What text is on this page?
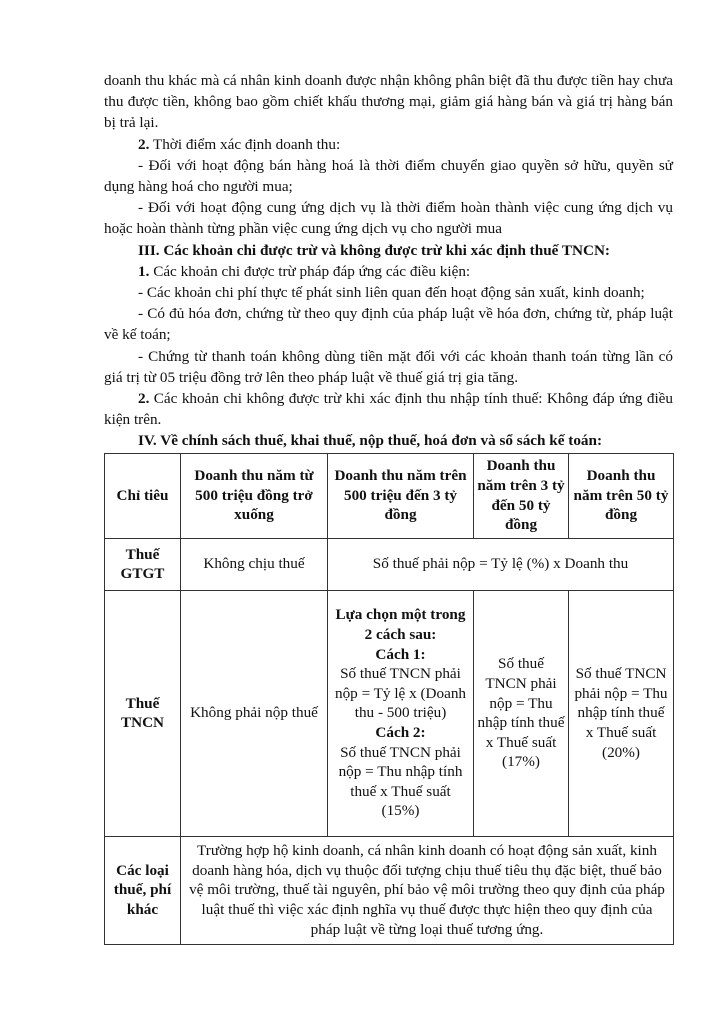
doanh thu khác mà cá nhân kinh doanh được nhận không phân biệt đã thu được tiền hay chưa thu được tiền, không bao gồm chiết khấu thương mại, giảm giá hàng bán và giá trị hàng bán bị trả lại.

2. Thời điểm xác định doanh thu:

- Đối với hoạt động bán hàng hoá là thời điểm chuyển giao quyền sở hữu, quyền sử dụng hàng hoá cho người mua;

- Đối với hoạt động cung ứng dịch vụ là thời điểm hoàn thành việc cung ứng dịch vụ hoặc hoàn thành từng phần việc cung ứng dịch vụ cho người mua

III. Các khoản chi được trừ và không được trừ khi xác định thuế TNCN:

1. Các khoản chi được trừ pháp đáp ứng các điều kiện:

- Các khoản chi phí thực tế phát sinh liên quan đến hoạt động sản xuất, kinh doanh;

- Có đủ hóa đơn, chứng từ theo quy định của pháp luật về hóa đơn, chứng từ, pháp luật về kế toán;

- Chứng từ thanh toán không dùng tiền mặt đối với các khoản thanh toán từng lần có giá trị từ 05 triệu đồng trở lên theo pháp luật về thuế giá trị gia tăng.

2. Các khoản chi không được trừ khi xác định thu nhập tính thuế: Không đáp ứng điều kiện trên.

IV. Về chính sách thuế, khai thuế, nộp thuế, hoá đơn và sổ sách kế toán:

Chỉ tiêu	Doanh thu năm từ 500 triệu đồng trở xuống	Doanh thu năm trên 500 triệu đến 3 tỷ đồng	Doanh thu năm trên 3 tỷ đến 50 tỷ đồng	Doanh thu năm trên 50 tỷ đồng
Thuế GTGT	Không chịu thuế	Số thuế phải nộp = Tỷ lệ (%) x Doanh thu		
Thuế TNCN	Không phải nộp thuế	Lựa chọn một trong 2 cách sau:
Cách 1:
Số thuế TNCN phải nộp = Tỷ lệ x (Doanh thu - 500 triệu)
Cách 2:
Số thuế TNCN phải nộp = Thu nhập tính thuế x Thuế suất (15%)	Số thuế TNCN phải nộp = Thu nhập tính thuế x Thuế suất (17%)	Số thuế TNCN phải nộp = Thu nhập tính thuế x Thuế suất (20%)
Các loại thuế, phí khác	Trường hợp hộ kinh doanh, cá nhân kinh doanh có hoạt động sản xuất, kinh doanh hàng hóa, dịch vụ thuộc đối tượng chịu thuế tiêu thụ đặc biệt, thuế bảo vệ môi trường, thuế tài nguyên, phí bảo vệ môi trường theo quy định của pháp luật thuế thì việc xác định nghĩa vụ thuế được thực hiện theo quy định của pháp luật về từng loại thuế tương ứng.			
